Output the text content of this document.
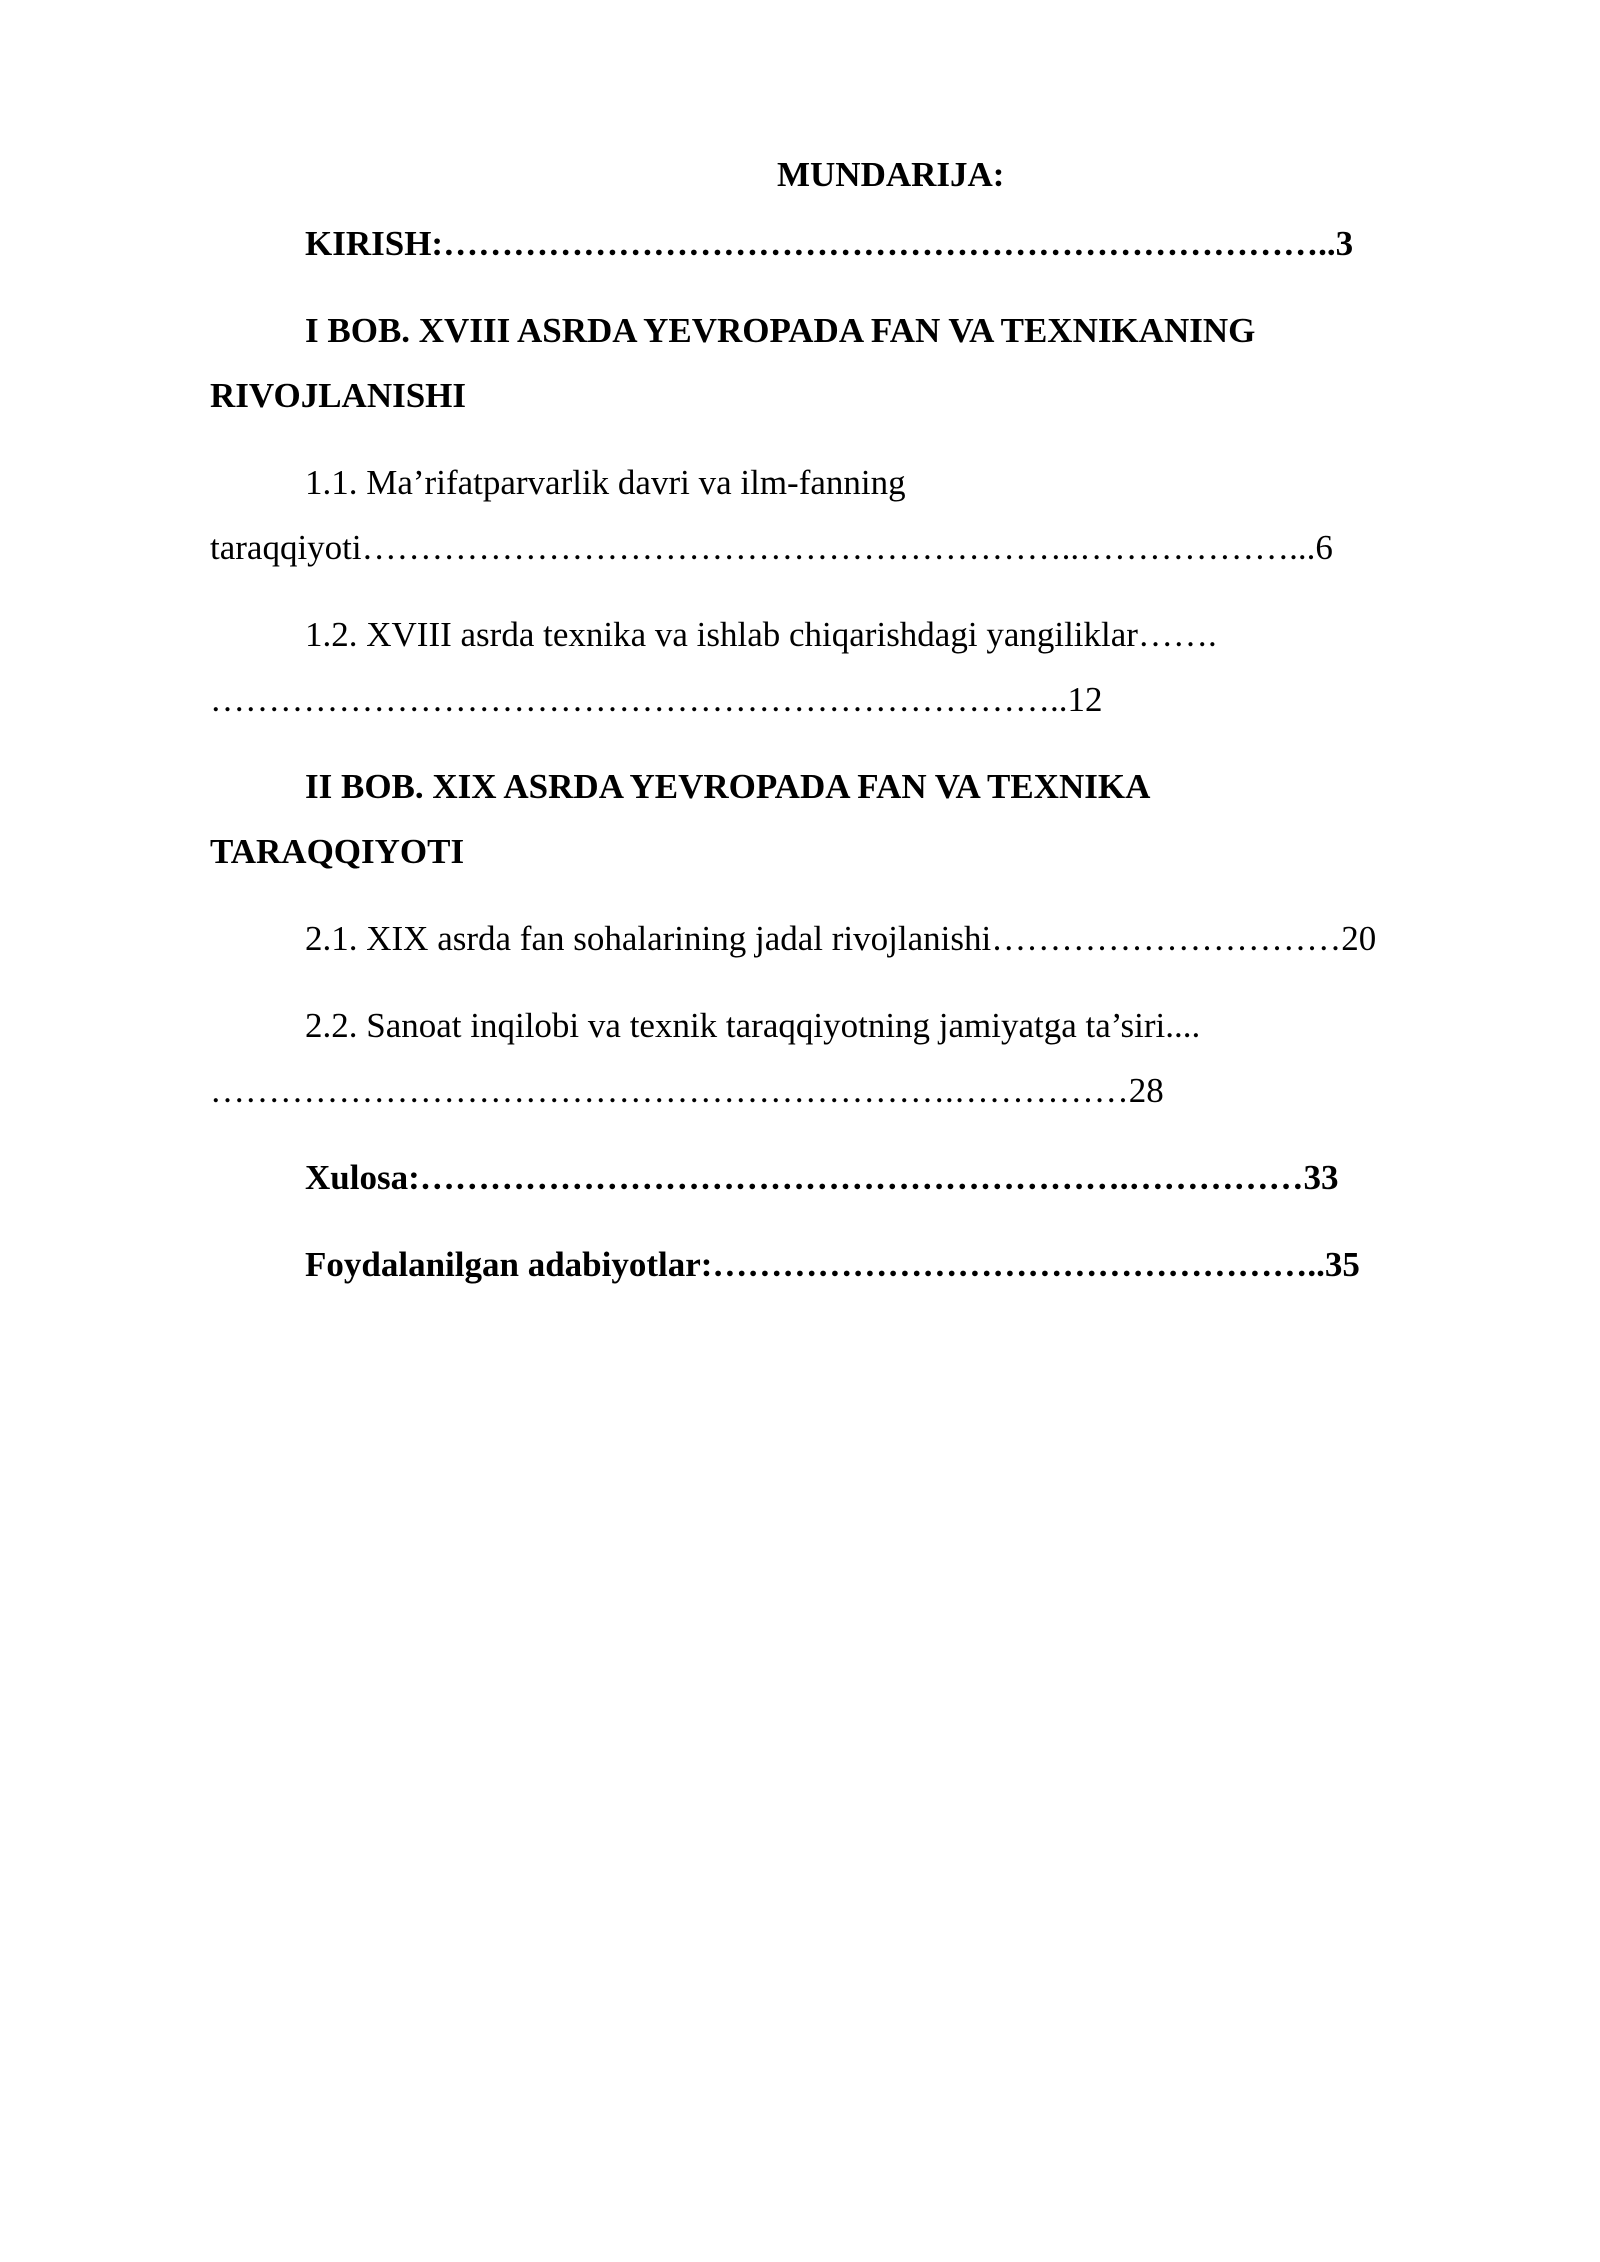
MUNDARIJA:
KIRISH:…………………………………………………………………..3
I BOB. XVIII ASRDA YEVROPADA FAN VA TEXNIKANING
RIVOJLANISHI
1.1. Ma’rifatparvarlik davri va ilm-fanning
taraqqiyoti……………………………………………………..………………...6
1.2. XVIII asrda texnika va ishlab chiqarishdagi yangiliklar…….
………………………………………………………………..12
II BOB. XIX ASRDA YEVROPADA FAN VA TEXNIKA
TARAQQIYOTI
2.1. XIX asrda fan sohalarining jadal rivojlanishi…………………………20
2.2. Sanoat inqilobi va texnik taraqqiyotning jamiyatga ta’siri....
……………………………………………………….……………28
Xulosa:…………………………………………………….……………33
Foydalanilgan adabiyotlar:……………………………………………..35
